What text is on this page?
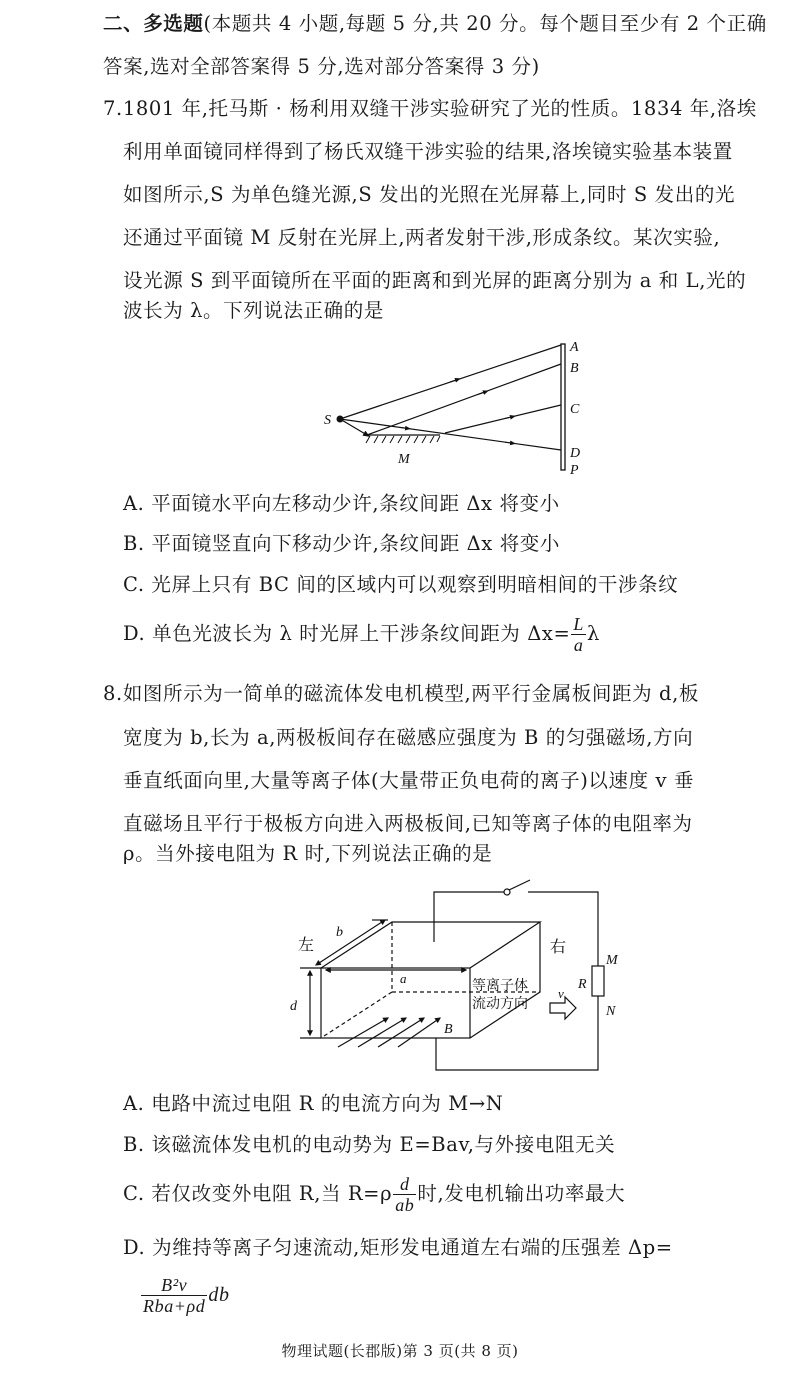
二、多选题(本题共 4 小题,每题 5 分,共 20 分。每个题目至少有 2 个正确
答案,选对全部答案得 5 分,选对部分答案得 3 分)
7.1801 年,托马斯 · 杨利用双缝干涉实验研究了光的性质。1834 年,洛埃
利用单面镜同样得到了杨氏双缝干涉实验的结果,洛埃镜实验基本装置
如图所示,S 为单色缝光源,S 发出的光照在光屏幕上,同时 S 发出的光
还通过平面镜 M 反射在光屏上,两者发射干涉,形成条纹。某次实验,
设光源 S 到平面镜所在平面的距离和到光屏的距离分别为 a 和 L,光的
波长为 λ。下列说法正确的是
S
M
A
B
C
D
P
A. 平面镜水平向左移动少许,条纹间距 Δx 将变小
B. 平面镜竖直向下移动少许,条纹间距 Δx 将变小
C. 光屏上只有 BC 间的区域内可以观察到明暗相间的干涉条纹
D. 单色光波长为 λ 时光屏上干涉条纹间距为 $\Delta x= \frac{L}{a}$ λ
8.如图所示为一简单的磁流体发电机模型,两平行金属板间距为 d,板
宽度为 b,长为 a,两极板间存在磁感应强度为 B 的匀强磁场,方向
垂直纸面向里,大量等离子体(大量带正负电荷的离子)以速度 v 垂
直磁场且平行于极板方向进入两极板间,已知等离子体的电阻率为
ρ。当外接电阻为 R 时,下列说法正确的是
左
b
右
a
d
B
等离子体
流动方向
v
R
M
N
A. 电路中流过电阻 R 的电流方向为 M→N
B. 该磁流体发电机的电动势为 E=Bav,与外接电阻无关
C. 若仅改变外电阻 R,当 $R=\rho \frac{d}{ab}$ 时,发电机输出功率最大
D. 为维持等离子匀速流动,矩形发电通道左右端的压强差 Δp=
$\frac{\text{B²v}}{\text{Rba+ρd}}$ db
物理试题(长郡版)第 3 页(共 8 页)
